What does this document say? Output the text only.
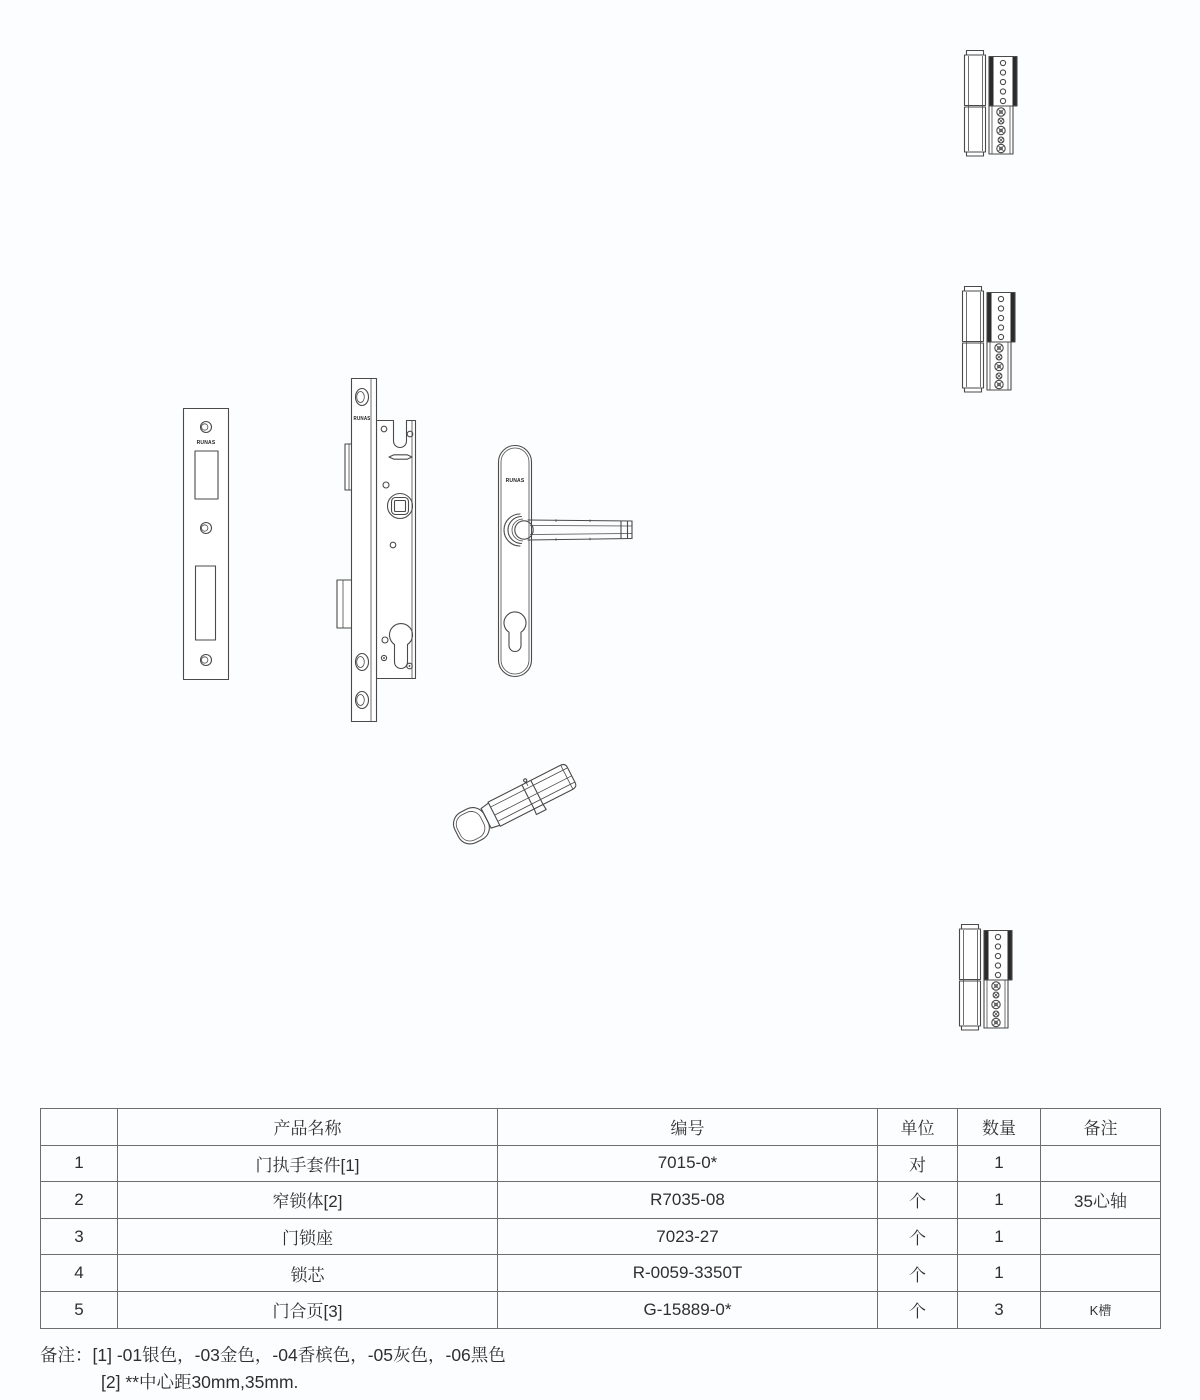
RUNAS
RUNAS
RUNAS
	产品名称	编号	单位	数量	备注
1	门执手套件[1]	7015-0*	对	1	
2	窄锁体[2]	R7035-08	个	1	35心轴
3	门锁座	7023-27	个	1	
4	锁芯	R-0059-3350T	个	1	
5	门合页[3]	G-15889-0*	个	3	K槽
备注： [1] -01银色，-03金色，-04香槟色，-05灰色，-06黑色
[2] **中心距30mm,35mm.
